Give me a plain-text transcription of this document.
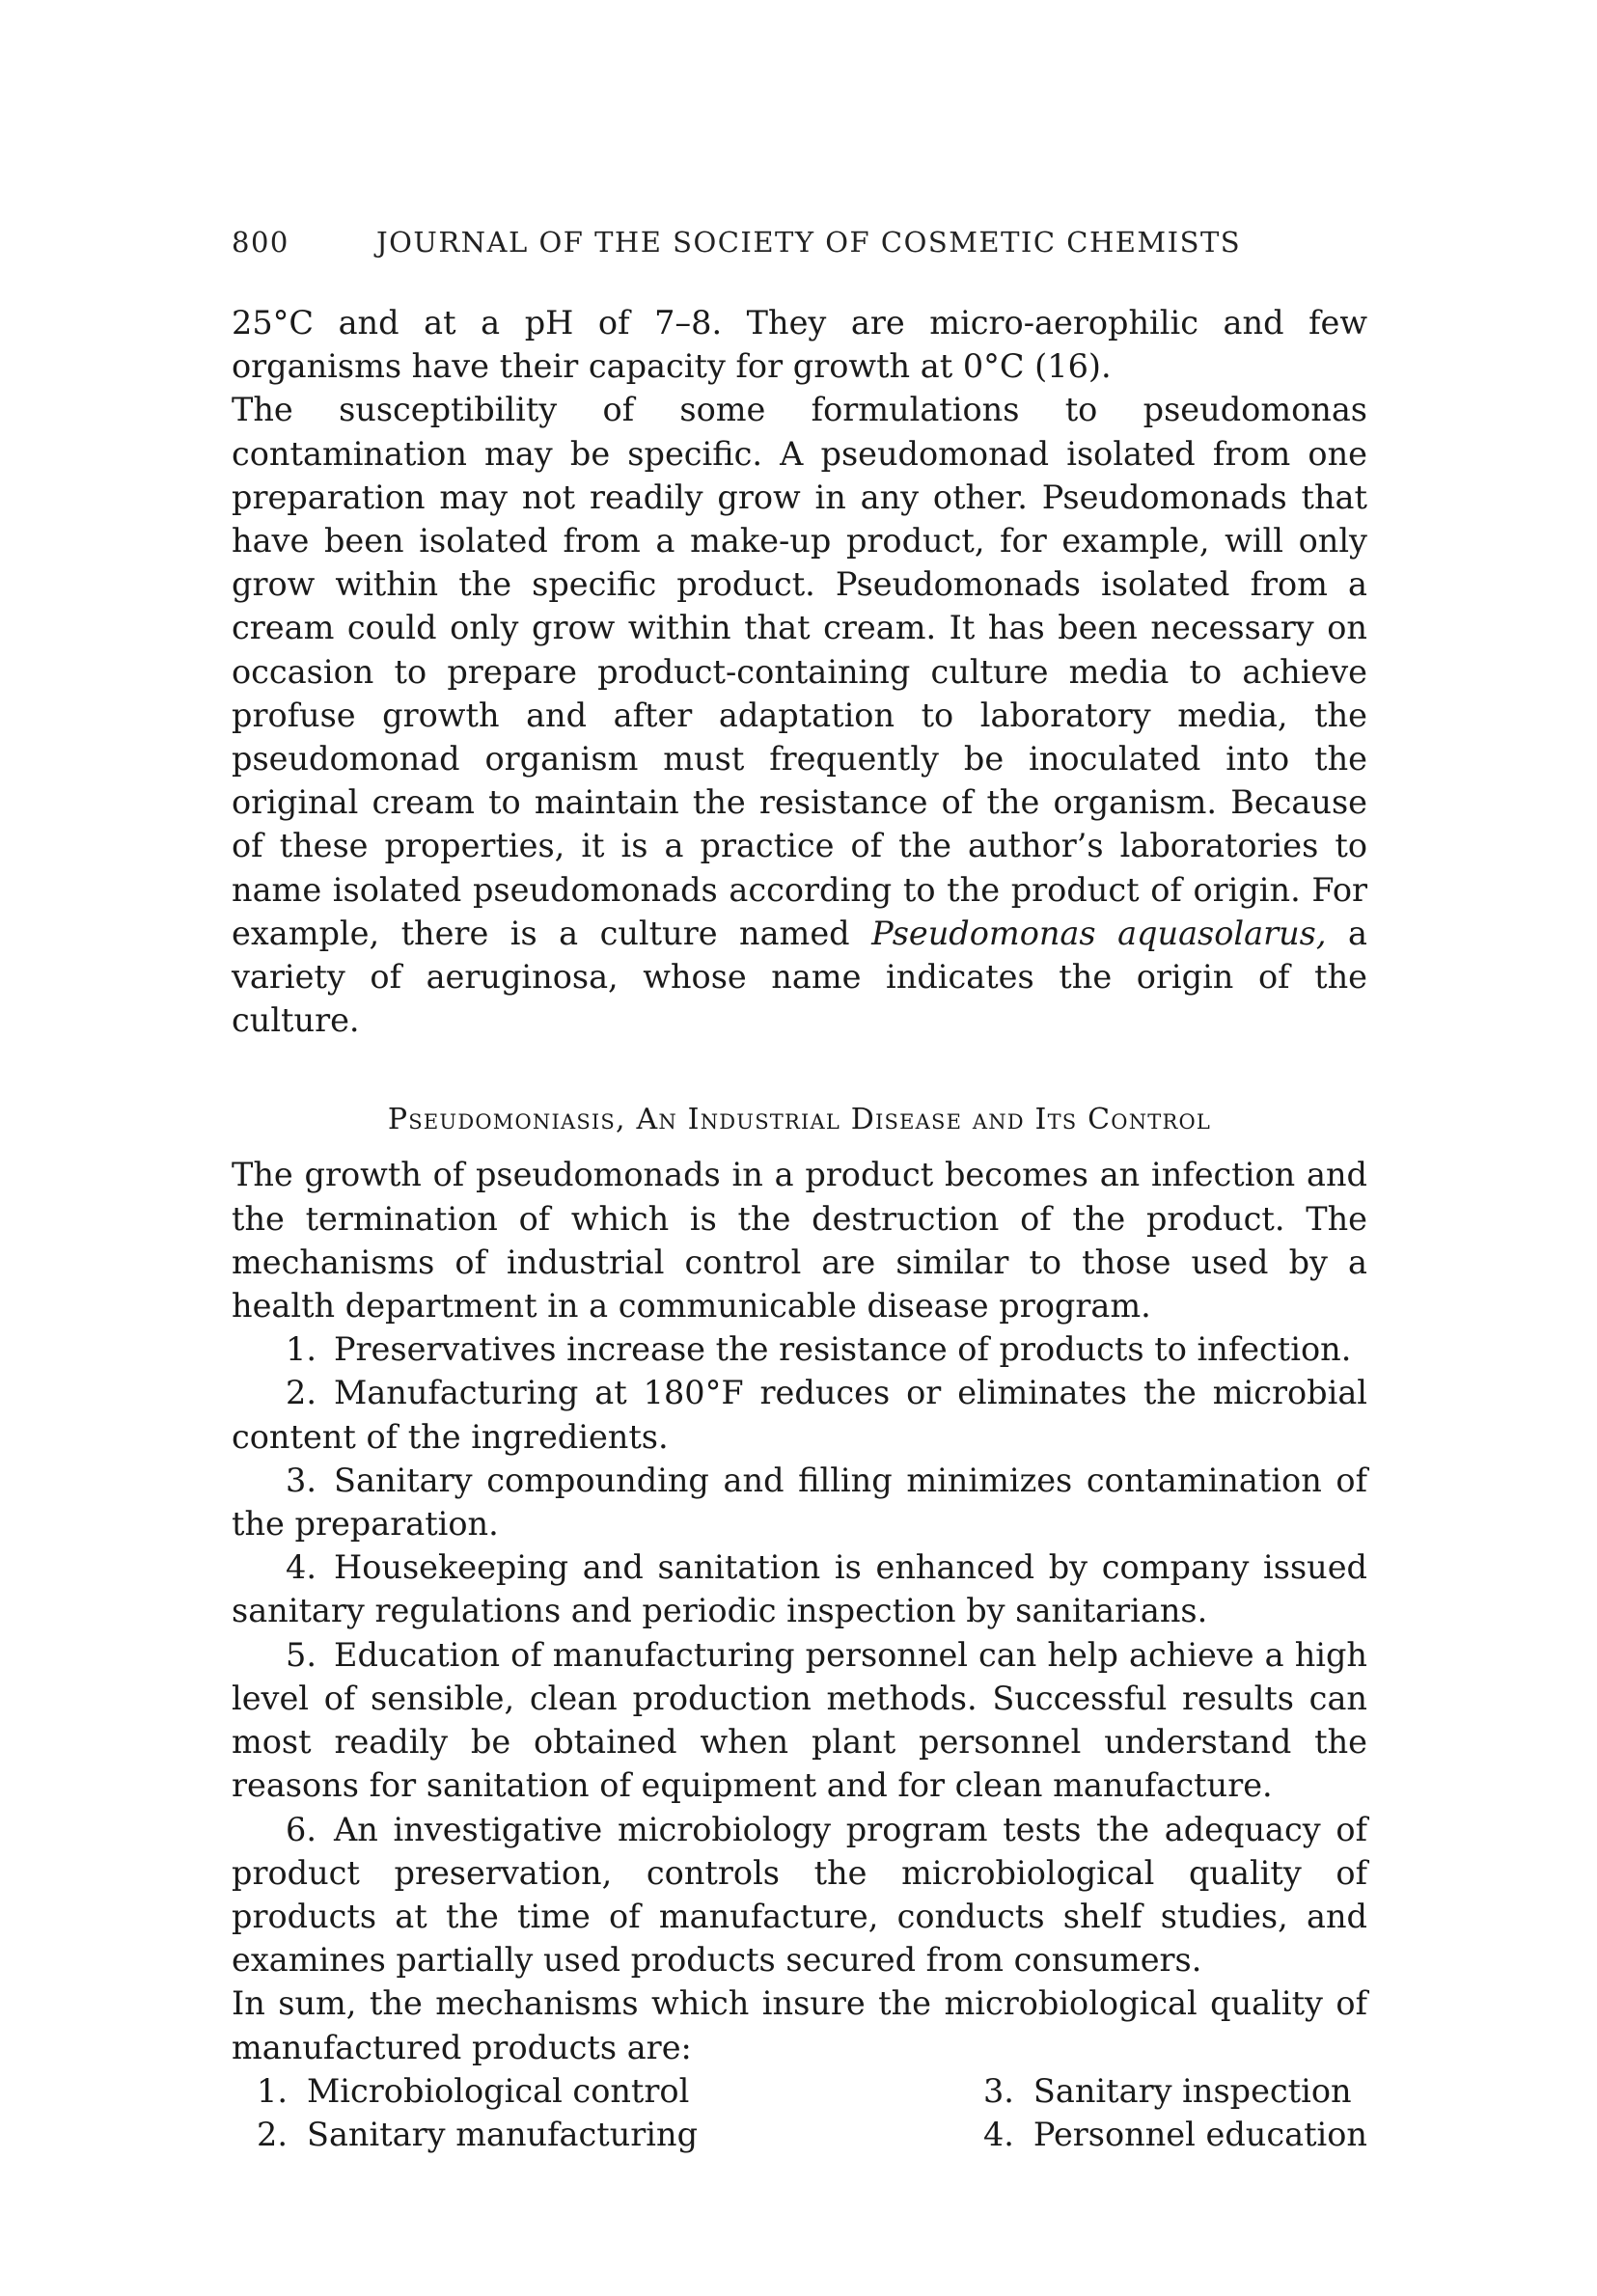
800	JOURNAL OF THE SOCIETY OF COSMETIC CHEMISTS

25°C and at a pH of 7–8. They are micro-aerophilic and few organisms have their capacity for growth at 0°C (16).

The susceptibility of some formulations to pseudomonas contamination may be specific. A pseudomonad isolated from one preparation may not readily grow in any other. Pseudomonads that have been isolated from a make-up product, for example, will only grow within the specific product. Pseudomonads isolated from a cream could only grow within that cream. It has been necessary on occasion to prepare product-containing culture media to achieve profuse growth and after adaptation to laboratory media, the pseudomonad organism must frequently be inoculated into the original cream to maintain the resistance of the organism. Because of these properties, it is a practice of the author’s laboratories to name isolated pseudomonads according to the product of origin. For example, there is a culture named Pseudomonas aquasolarus, a variety of aeruginosa, whose name indicates the origin of the culture.

Pseudomoniasis, An Industrial Disease and Its Control

The growth of pseudomonads in a product becomes an infection and the termination of which is the destruction of the product. The mechanisms of industrial control are similar to those used by a health department in a communicable disease program.

1. Preservatives increase the resistance of products to infection.

2. Manufacturing at 180°F reduces or eliminates the microbial content of the ingredients.

3. Sanitary compounding and filling minimizes contamination of the preparation.

4. Housekeeping and sanitation is enhanced by company issued sanitary regulations and periodic inspection by sanitarians.

5. Education of manufacturing personnel can help achieve a high level of sensible, clean production methods. Successful results can most readily be obtained when plant personnel understand the reasons for sanitation of equipment and for clean manufacture.

6. An investigative microbiology program tests the adequacy of product preservation, controls the microbiological quality of products at the time of manufacture, conducts shelf studies, and examines partially used products secured from consumers.

In sum, the mechanisms which insure the microbiological quality of manufactured products are:

1. Microbiological control	3. Sanitary inspection
2. Sanitary manufacturing	4. Personnel education
